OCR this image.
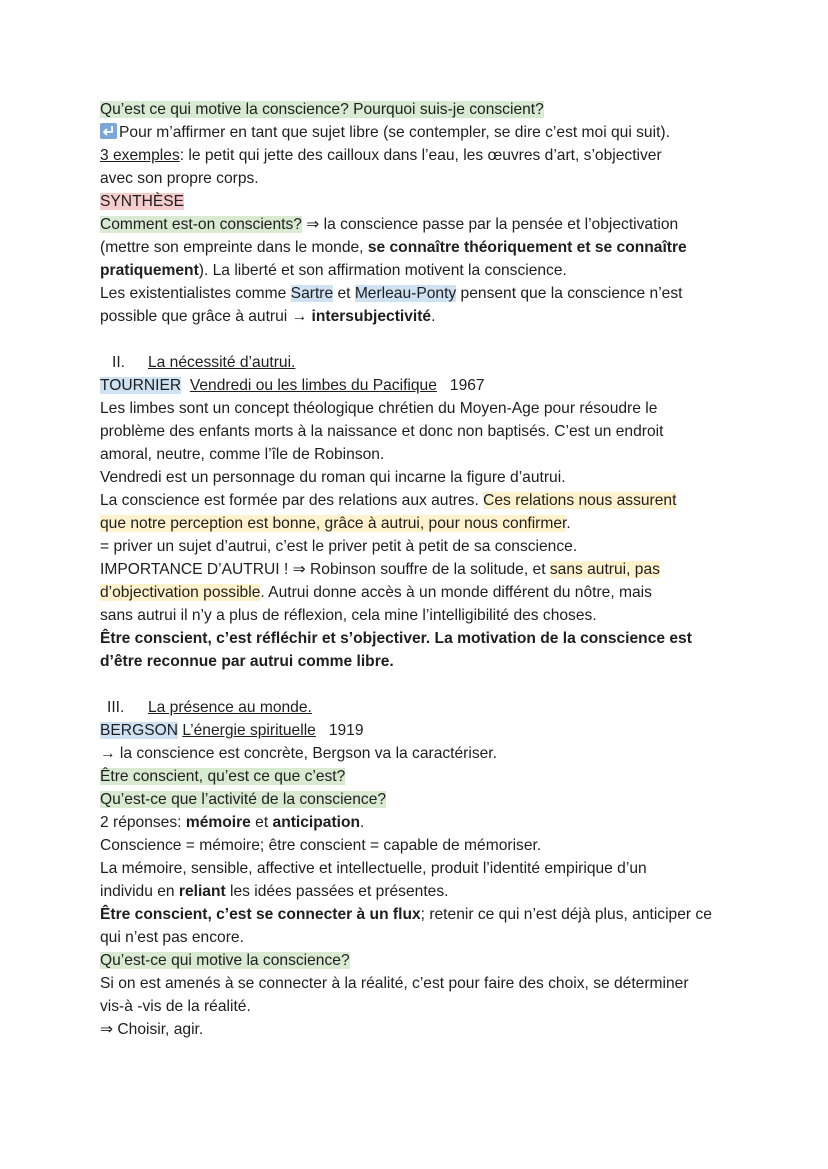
Qu’est ce qui motive la conscience? Pourquoi suis-je conscient?
Pour m’affirmer en tant que sujet libre (se contempler, se dire c’est moi qui suit).
3 exemples: le petit qui jette des cailloux dans l’eau, les œuvres d’art, s’objectiver
avec son propre corps.
SYNTHÈSE
Comment est-on conscients? ⇒ la conscience passe par la pensée et l’objectivation
(mettre son empreinte dans le monde, se connaître théoriquement et se connaître
pratiquement). La liberté et son affirmation motivent la conscience.
Les existentialistes comme Sartre et Merleau-Ponty pensent que la conscience n’est
possible que grâce à autrui → intersubjectivité.
II. La nécessité d’autrui.
TOURNIER Vendredi ou les limbes du Pacifique 1967
Les limbes sont un concept théologique chrétien du Moyen-Age pour résoudre le
problème des enfants morts à la naissance et donc non baptisés. C’est un endroit
amoral, neutre, comme l’île de Robinson.
Vendredi est un personnage du roman qui incarne la figure d’autrui.
La conscience est formée par des relations aux autres. Ces relations nous assurent
que notre perception est bonne, grâce à autrui, pour nous confirmer.
= priver un sujet d’autrui, c’est le priver petit à petit de sa conscience.
IMPORTANCE D’AUTRUI ! ⇒ Robinson souffre de la solitude, et sans autrui, pas
d’objectivation possible. Autrui donne accès à un monde différent du nôtre, mais
sans autrui il n’y a plus de réflexion, cela mine l’intelligibilité des choses.
Être conscient, c’est réfléchir et s’objectiver. La motivation de la conscience est
d’être reconnue par autrui comme libre.
III. La présence au monde.
BERGSON L’énergie spirituelle 1919
→ la conscience est concrète, Bergson va la caractériser.
Être conscient, qu’est ce que c’est?
Qu’est-ce que l’activité de la conscience?
2 réponses: mémoire et anticipation.
Conscience = mémoire; être conscient = capable de mémoriser.
La mémoire, sensible, affective et intellectuelle, produit l’identité empirique d’un
individu en reliant les idées passées et présentes.
Être conscient, c’est se connecter à un flux; retenir ce qui n’est déjà plus, anticiper ce
qui n’est pas encore.
Qu’est-ce qui motive la conscience?
Si on est amenés à se connecter à la réalité, c’est pour faire des choix, se déterminer
vis-à -vis de la réalité.
⇒ Choisir, agir.
